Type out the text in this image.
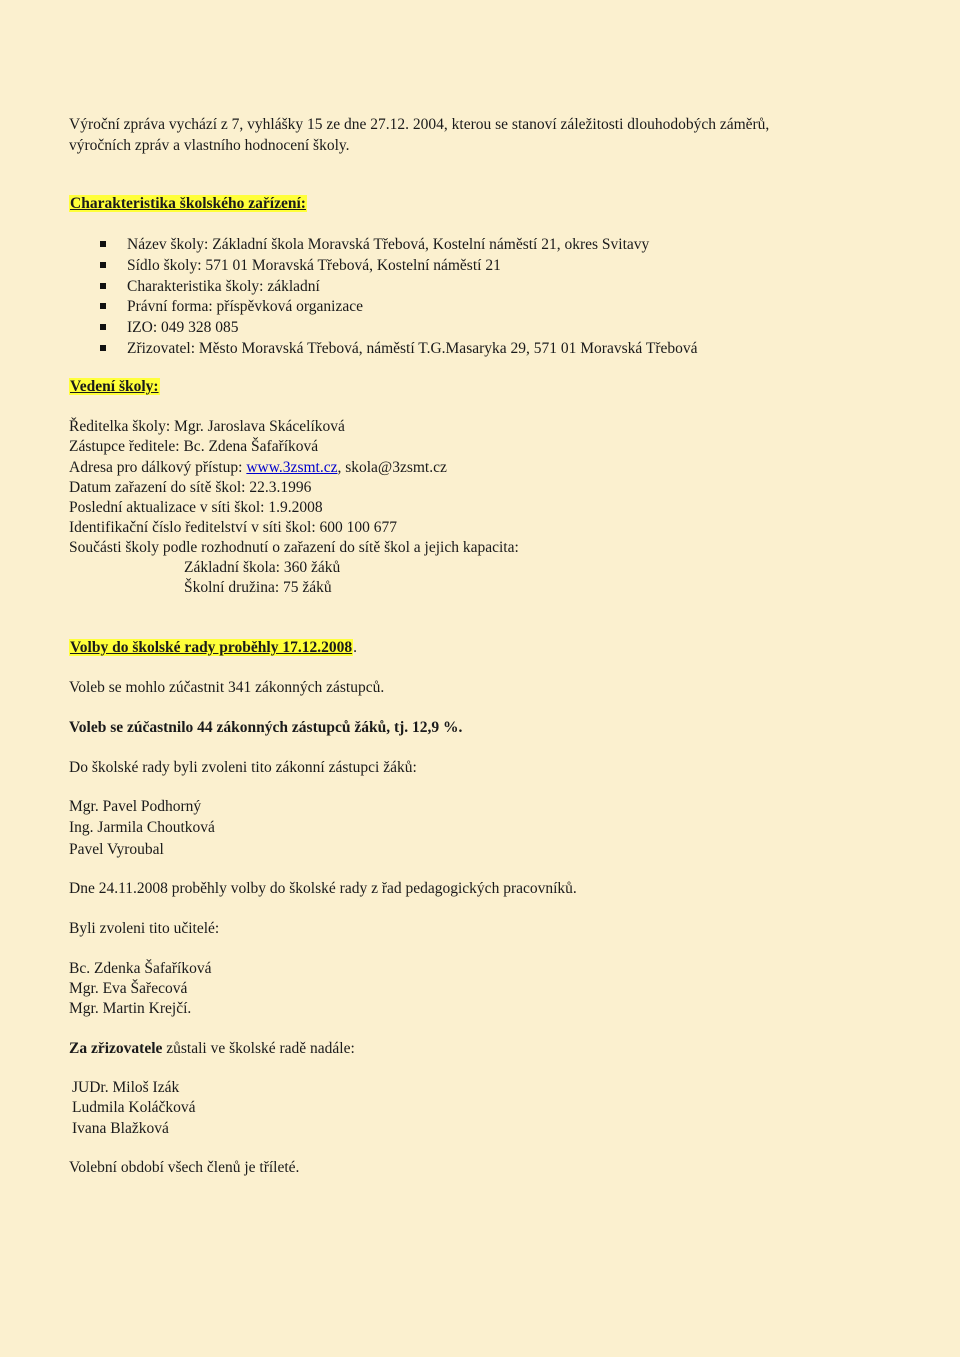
Výroční zpráva vychází z 7, vyhlášky 15 ze dne 27.12. 2004, kterou se stanoví záležitosti dlouhodobých záměrů,

výročních zpráv a vlastního hodnocení školy.

Charakteristika školského zařízení:

Název školy: Základní škola Moravská Třebová, Kostelní náměstí 21, okres Svitavy
Sídlo školy: 571 01 Moravská Třebová, Kostelní náměstí 21
Charakteristika školy: základní
Právní forma: příspěvková organizace
IZO: 049 328 085
Zřizovatel: Město Moravská Třebová, náměstí T.G.Masaryka 29, 571 01 Moravská Třebová

Vedení školy:

Ředitelka školy: Mgr. Jaroslava Skácelíková

Zástupce ředitele: Bc. Zdena Šafaříková

Adresa pro dálkový přístup: www.3zsmt.cz, skola@3zsmt.cz

Datum zařazení do sítě škol: 22.3.1996

Poslední aktualizace v síti škol: 1.9.2008

Identifikační číslo ředitelství v síti škol: 600 100 677

Součásti školy podle rozhodnutí o zařazení do sítě škol a jejich kapacita:

Základní škola: 360 žáků

Školní družina: 75 žáků

Volby do školské rady proběhly 17.12.2008.

Voleb se mohlo zúčastnit 341 zákonných zástupců.

Voleb se zúčastnilo 44 zákonných zástupců žáků, tj. 12,9 %.

Do školské rady byli zvoleni tito zákonní zástupci žáků:

Mgr. Pavel Podhorný

Ing. Jarmila Choutková

Pavel Vyroubal

Dne 24.11.2008 proběhly volby do školské rady z řad pedagogických pracovníků.

Byli zvoleni tito učitelé:

Bc. Zdenka Šafaříková

Mgr. Eva Šařecová

Mgr. Martin Krejčí.

Za zřizovatele zůstali ve školské radě nadále:

JUDr. Miloš Izák

Ludmila Koláčková

Ivana Blažková

Volební období všech členů je tříleté.
